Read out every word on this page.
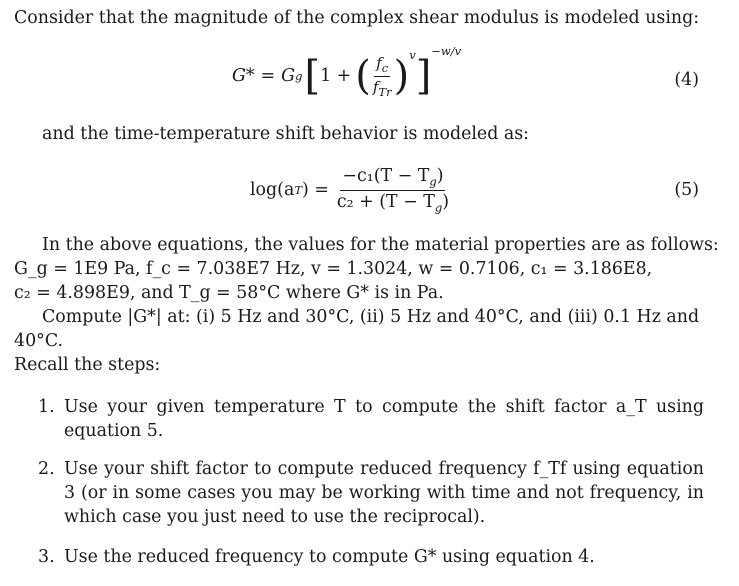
Consider that the magnitude of the complex shear modulus is modeled using:
G* = G g [ 1 + ( $\frac{f_c}{f_{Tr}} )^v$ ]
$^{-w/v}$
(4)
and the time-temperature shift behavior is modeled as:
log(a T ) = $\frac{-c_1(T - T_g)}{c_2 + (T - T_g)}$	(5)
In the above equations, the values for the material properties are as follows:
G_g = 1E9 Pa, f_c = 7.038E7 Hz, v = 1.3024, w = 0.7106, c₁ = 3.186E8,
c₂ = 4.898E9, and T_g = 58°C where G* is in Pa.
Compute |G*| at: (i) 5 Hz and 30°C, (ii) 5 Hz and 40°C, and (iii) 0.1 Hz and
40°C.
Recall the steps:
1. Use your given temperature T to compute the shift factor a_T using equation 5.
2. Use your shift factor to compute reduced frequency f_Tf using equation 3 (or in some cases you may be working with time and not frequency, in which case you just need to use the reciprocal).
3. Use the reduced frequency to compute G* using equation 4.
